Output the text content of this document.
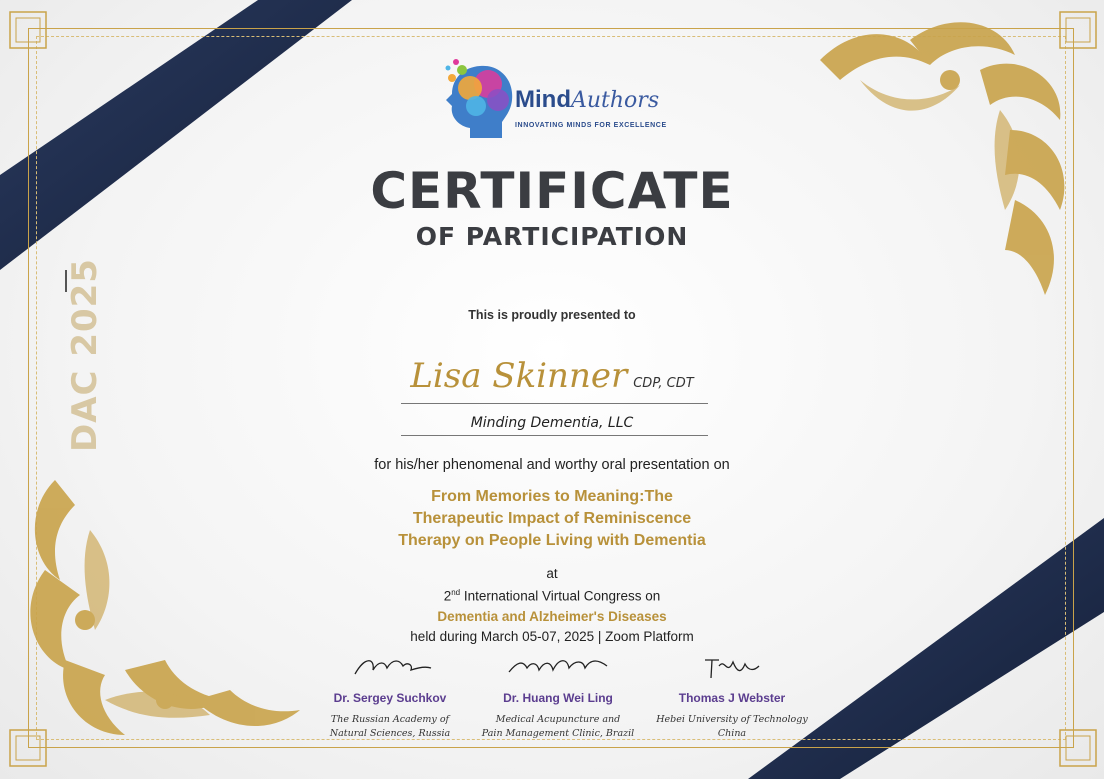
DAC 2025
MindAuthors
INNOVATING MINDS FOR EXCELLENCE
CERTIFICATE
OF PARTICIPATION
This is proudly presented to
Lisa Skinner CDP, CDT
Minding Dementia, LLC
for his/her phenomenal and worthy oral presentation on
From Memories to Meaning:The
Therapeutic Impact of Reminiscence
Therapy on People Living with Dementia
at
2nd International Virtual Congress on
Dementia and Alzheimer's Diseases
held during March 05-07, 2025 | Zoom Platform
Dr. Sergey Suchkov
The Russian Academy of
Natural Sciences, Russia
Dr. Huang Wei Ling
Medical Acupuncture and
Pain Management Clinic, Brazil
Thomas J Webster
Hebei University of Technology
China
